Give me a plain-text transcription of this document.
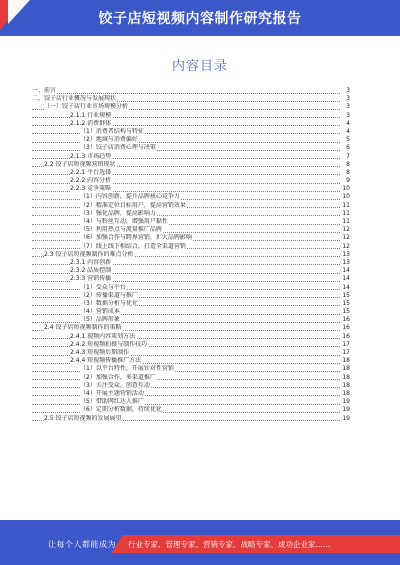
饺子店短视频内容制作研究报告
内容目录
一、前言	3
二、饺子店行业概况与发展现状	3
（一）饺子店行业市场规模分析	3
2.1.1 行业规模	3
2.1.2 消费群体	4
（1）消费者结构与特征	4
（2）地域与消费偏好	5
（3）饺子店消费心理与决策	6
2.1.3 市场趋势	7
2.2 饺子店短视频营销现状	8
2.2.1 平台选择	8
2.2.2 内容分析	9
2.2.3 竞争策略	10
（1）内容创新，提升品牌核心竞争力	10
（2）精准定位目标用户，提高营销效果	11
（3）强化品牌，提高影响力	11
（4）与粉丝互动，增强用户黏性	11
（5）利用热点与流量推广品牌	12
（6）加强合作与跨界营销，扩大品牌影响	12
（7）线上线下相结合，打造全渠道营销	12
2.3 饺子店短视频制作的难点分析	13
2.3.1 内容创新	13
2.3.2 品质控制	14
2.3.3 营销传播	14
（1）受众与平台	14
（2）传播渠道与推广	15
（3）数据分析与优化	15
（4）营销成本	15
（5）品牌形象	16
2.4 饺子店短视频制作的策略	16
2.4.1 视频内容策划方法	16
2.4.2 短视频拍摄与制作技巧	17
2.4.3 短视频后期制作	17
2.4.4 短视频传播推广方法	18
（1）以平台特性，开展针对性营销	18
（2）加强合作，多渠道推广	18
（3）关注受众，创意互动	18
（4）开展主题营销活动	18
（5）借助网红达人推广	19
（6）定期分析数据，持续优化	19
2.5 饺子店短视频的发展展望	19
让每个人都能成为 行业专家、管理专家、营销专家、战略专家、成功企业家……
